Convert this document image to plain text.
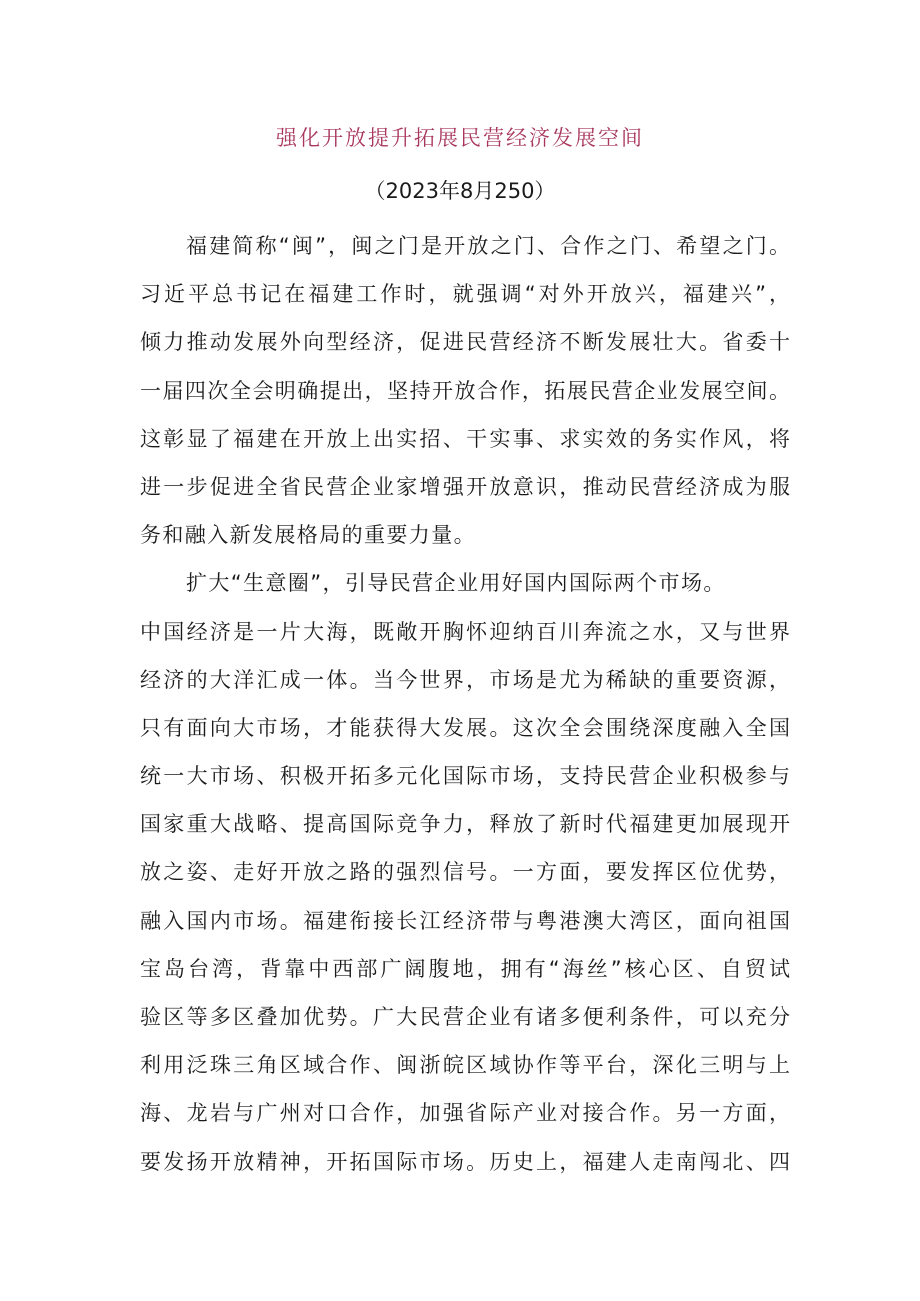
强化开放提升拓展民营经济发展空间
（2023年8月250）
福建简称“闽”，闽之门是开放之门、合作之门、希望之门。
习近平总书记在福建工作时，就强调“对外开放兴，福建兴”，
倾力推动发展外向型经济，促进民营经济不断发展壮大。省委十
一届四次全会明确提出，坚持开放合作，拓展民营企业发展空间。
这彰显了福建在开放上出实招、干实事、求实效的务实作风，将
进一步促进全省民营企业家增强开放意识，推动民营经济成为服
务和融入新发展格局的重要力量。
扩大“生意圈”，引导民营企业用好国内国际两个市场。
中国经济是一片大海，既敞开胸怀迎纳百川奔流之水，又与世界
经济的大洋汇成一体。当今世界，市场是尤为稀缺的重要资源，
只有面向大市场，才能获得大发展。这次全会围绕深度融入全国
统一大市场、积极开拓多元化国际市场，支持民营企业积极参与
国家重大战略、提高国际竞争力，释放了新时代福建更加展现开
放之姿、走好开放之路的强烈信号。一方面，要发挥区位优势，
融入国内市场。福建衔接长江经济带与粤港澳大湾区，面向祖国
宝岛台湾，背靠中西部广阔腹地，拥有“海丝”核心区、自贸试
验区等多区叠加优势。广大民营企业有诸多便利条件，可以充分
利用泛珠三角区域合作、闽浙皖区域协作等平台，深化三明与上
海、龙岩与广州对口合作，加强省际产业对接合作。另一方面，
要发扬开放精神，开拓国际市场。历史上，福建人走南闯北、四
